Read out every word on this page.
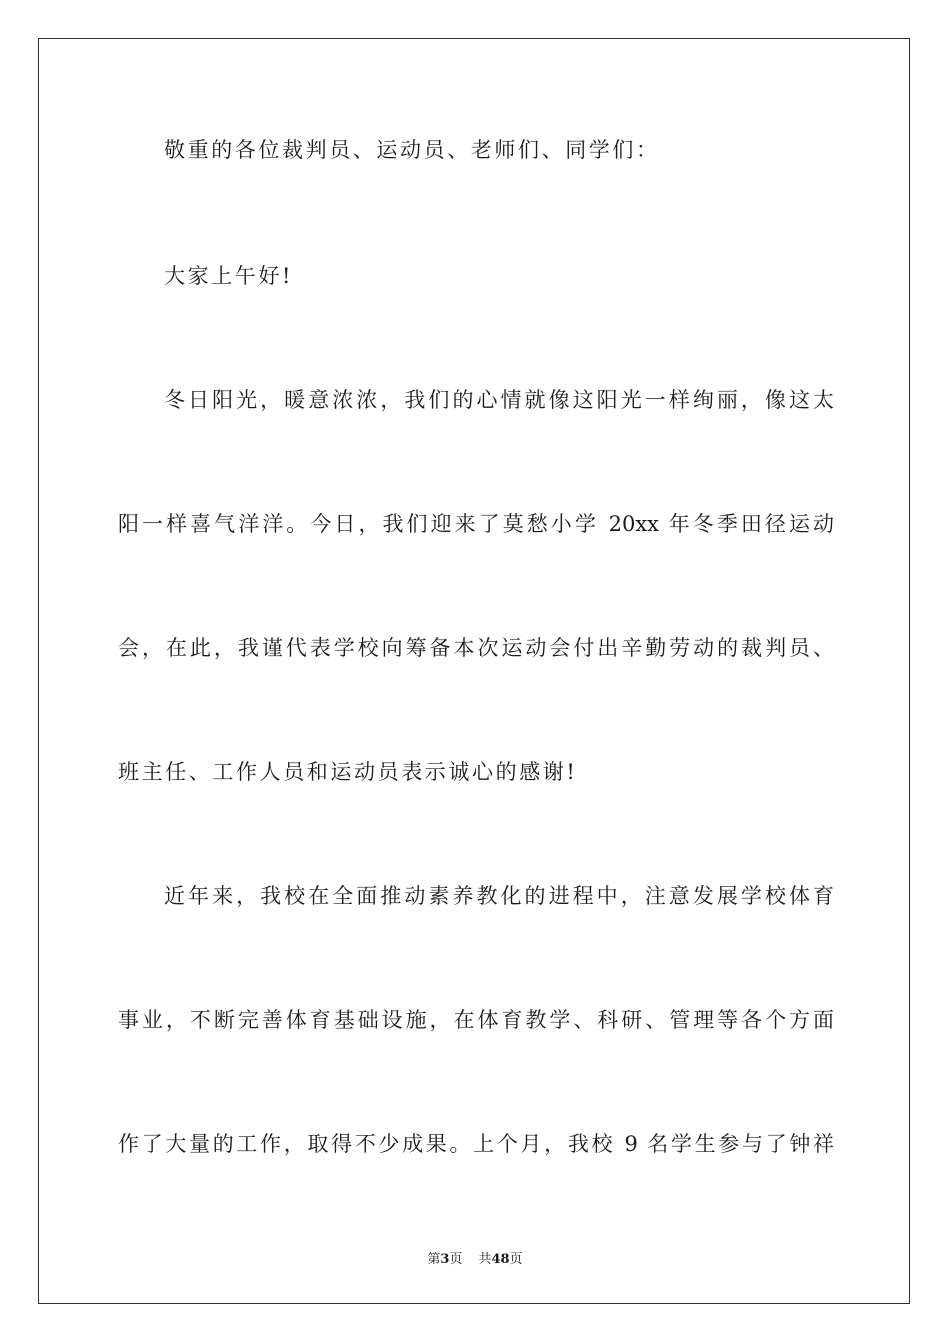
敬重的各位裁判员、运动员、老师们、同学们：

大家上午好!

冬日阳光，暖意浓浓，我们的心情就像这阳光一样绚丽，像这太

阳一样喜气洋洋。今日，我们迎来了莫愁小学 20xx 年冬季田径运动

会，在此，我谨代表学校向筹备本次运动会付出辛勤劳动的裁判员、

班主任、工作人员和运动员表示诚心的感谢!

近年来，我校在全面推动素养教化的进程中，注意发展学校体育

事业，不断完善体育基础设施，在体育教学、科研、管理等各个方面

作了大量的工作，取得不少成果。上个月，我校 9 名学生参与了钟祥

第3页 共48页
